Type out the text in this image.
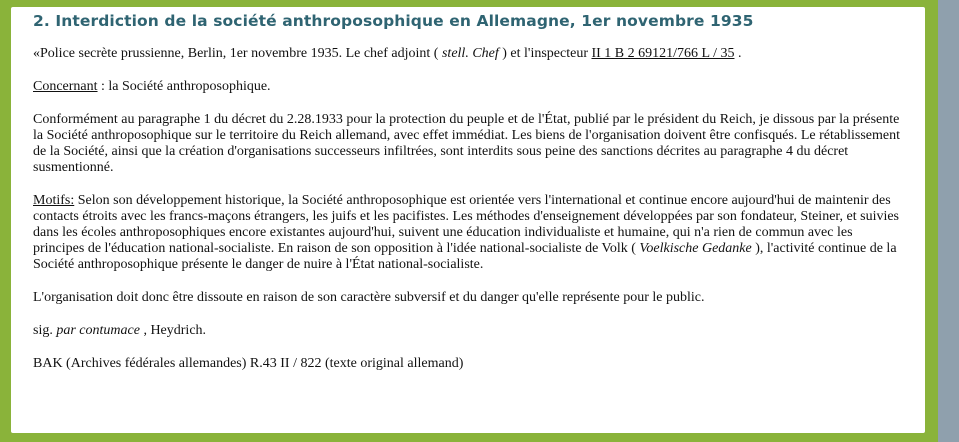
2. Interdiction de la société anthroposophique en Allemagne, 1er novembre 1935

«Police secrète prussienne, Berlin, 1er novembre 1935. Le chef adjoint ( stell. Chef ) et l'inspecteur II 1 B 2 69121/766 L / 35 .

Concernant : la Société anthroposophique.

Conformément au paragraphe 1 du décret du 2.28.1933 pour la protection du peuple et de l'État, publié par le président du Reich, je dissous par la présente la Société anthroposophique sur le territoire du Reich allemand, avec effet immédiat. Les biens de l'organisation doivent être confisqués. Le rétablissement de la Société, ainsi que la création d'organisations successeurs infiltrées, sont interdits sous peine des sanctions décrites au paragraphe 4 du décret susmentionné.

Motifs: Selon son développement historique, la Société anthroposophique est orientée vers l'international et continue encore aujourd'hui de maintenir des contacts étroits avec les francs-maçons étrangers, les juifs et les pacifistes. Les méthodes d'enseignement développées par son fondateur, Steiner, et suivies dans les écoles anthroposophiques encore existantes aujourd'hui, suivent une éducation individualiste et humaine, qui n'a rien de commun avec les principes de l'éducation national-socialiste. En raison de son opposition à l'idée national-socialiste de Volk ( Voelkische Gedanke ), l'activité continue de la Société anthroposophique présente le danger de nuire à l'État national-socialiste.

L'organisation doit donc être dissoute en raison de son caractère subversif et du danger qu'elle représente pour le public.

sig. par contumace , Heydrich.

BAK (Archives fédérales allemandes) R.43 II / 822 (texte original allemand)
